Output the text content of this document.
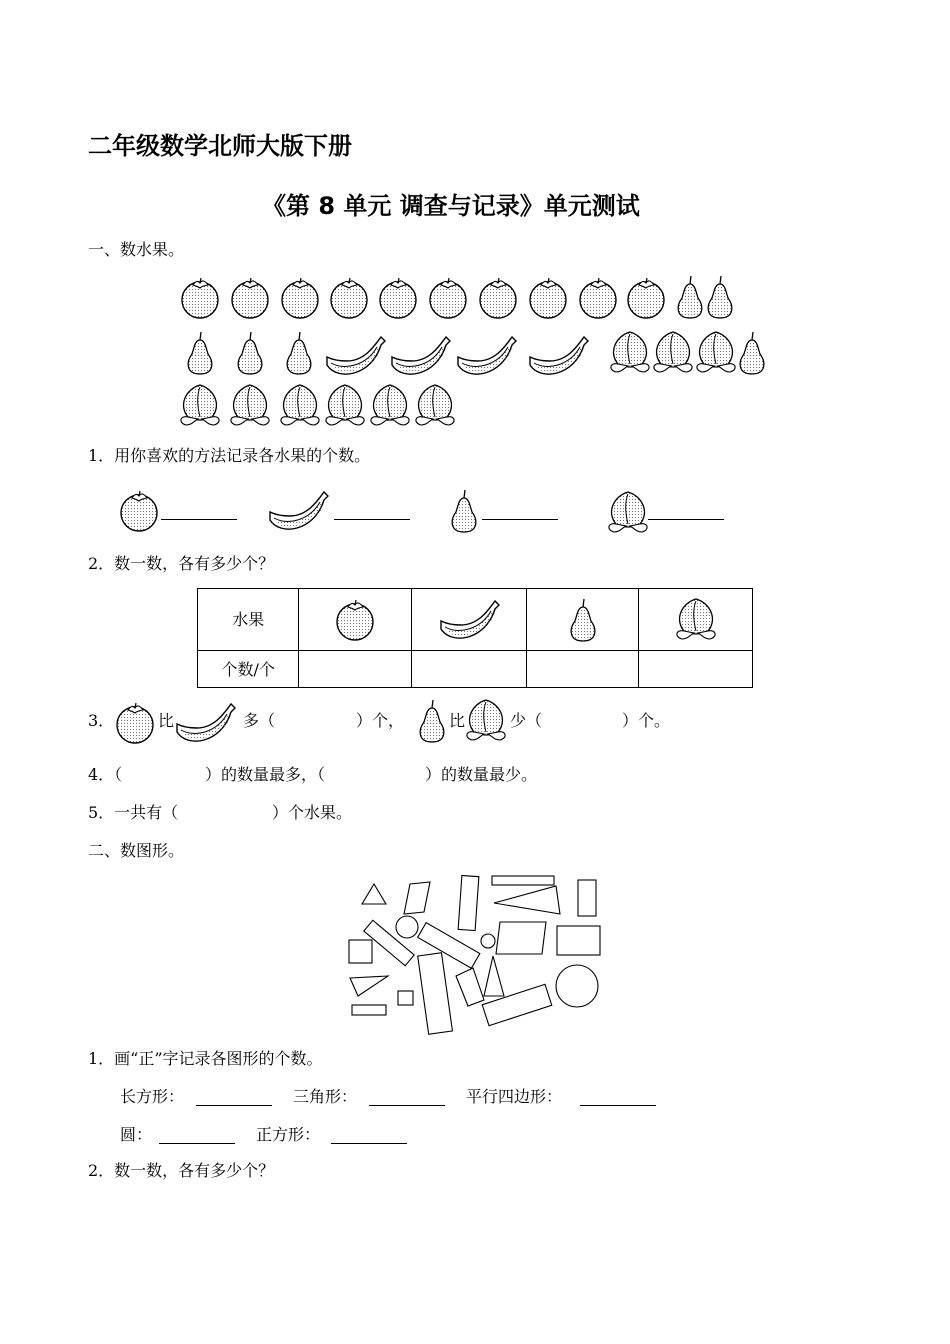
二年级数学北师大版下册
《第 8 单元 调查与记录》单元测试
一、数水果。
1．用你喜欢的方法记录各水果的个数。
2．数一数，各有多少个？
水果				
个数/个				
3．	比	多（	）个，	比	少（	）个。
4．（	）的数量最多，（	）的数量最少。
5．一共有（	）个水果。
二、数图形。
1．画“正”字记录各图形的个数。
长方形：	三角形：	平行四边形：
圆：	正方形：
2．数一数，各有多少个？
